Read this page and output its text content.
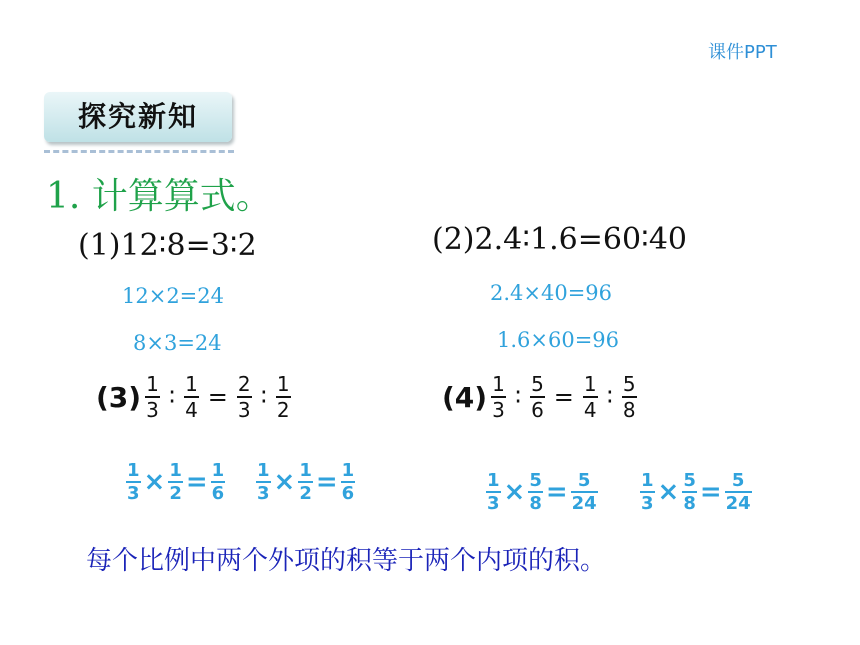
课件PPT
探究新知
1. 计算算式。
(1)12∶8=3∶2
12×2=24
8×3=24
(2)2.4∶1.6=60∶40
2.4×40=96
1.6×60=96
$(3) \frac{1}{3}$ ∶ $\frac{1}{4} = \frac{2}{3}$ ∶ $\frac{1}{2}$
$\frac{1}{3} \times \frac{1}{2} = \frac{1}{6} \frac{1}{3} \times \frac{1}{2} = \frac{1}{6}$
$(4) \frac{1}{3}$ ∶ $\frac{5}{6} = \frac{1}{4}$ ∶ $\frac{5}{8}$
$\frac{1}{3} \times \frac{5}{8} = \frac{5}{24} \frac{1}{3} \times \frac{5}{8} = \frac{5}{24}$
每个比例中两个外项的积等于两个内项的积。
